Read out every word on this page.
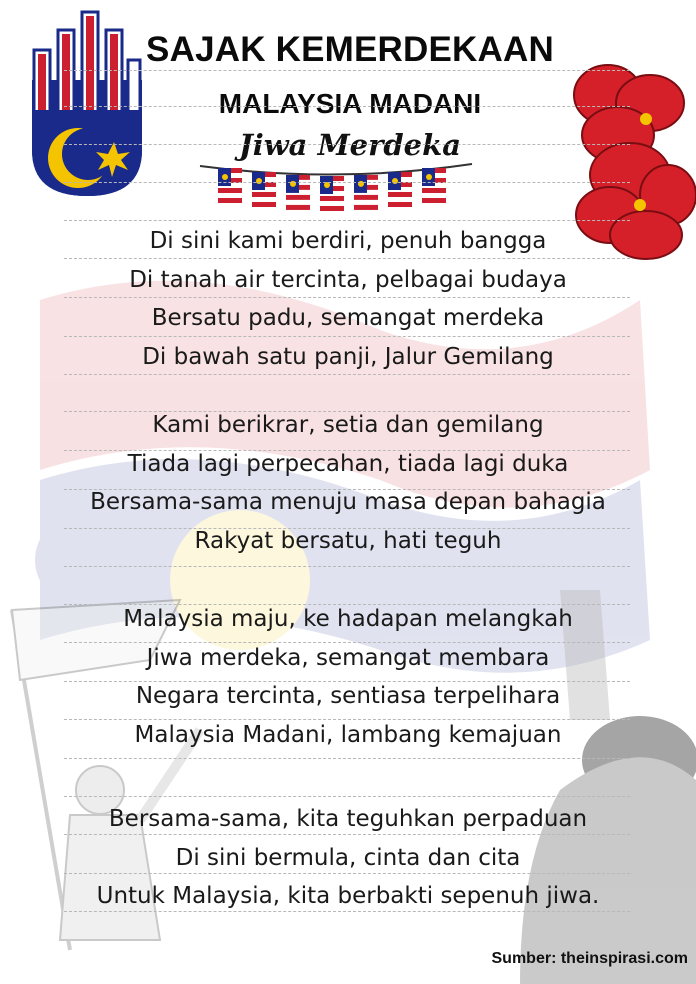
SAJAK KEMERDEKAAN
MALAYSIA MADANI
Jiwa Merdeka
Di sini kami berdiri, penuh bangga
Di tanah air tercinta, pelbagai budaya
Bersatu padu, semangat merdeka
Di bawah satu panji, Jalur Gemilang
Kami berikrar, setia dan gemilang
Tiada lagi perpecahan, tiada lagi duka
Bersama-sama menuju masa depan bahagia
Rakyat bersatu, hati teguh
Malaysia maju, ke hadapan melangkah
Jiwa merdeka, semangat membara
Negara tercinta, sentiasa terpelihara
Malaysia Madani, lambang kemajuan
Bersama-sama, kita teguhkan perpaduan
Di sini bermula, cinta dan cita
Untuk Malaysia, kita berbakti sepenuh jiwa.
Sumber: theinspirasi.com
